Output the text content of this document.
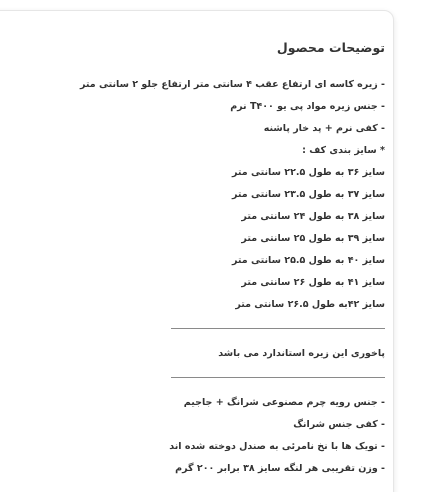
توضیحات محصول
- زیره کاسه ای ارتفاع عقب ۴ سانتی متر ارتفاع جلو ۲ سانتی متر
- جنس زیره مواد پی یو T۴۰۰ نرم
- کفی نرم + پد خار پاشنه
* سایز بندی کف :
سایز ۳۶ به طول ۲۲.۵ سانتی متر
سایز ۳۷ به طول ۲۳.۵ سانتی متر
سایز ۳۸ به طول ۲۴ سانتی متر
سایز ۳۹ به طول ۲۵ سانتی متر
سایز ۴۰ به طول ۲۵.۵ سانتی متر
سایز ۴۱ به طول ۲۶ سانتی متر
سایز ۴۲به طول ۲۶.۵ سانتی متر
پاخوری این زیره استاندارد می باشد
- جنس رویه چرم مصنوعی شرانگ + جاجیم
- کفی جنس شرانگ
- تویک ها با نخ نامرئی به صندل دوخته شده اند
- وزن تقریبی هر لنگه سایز ۳۸ برابر ۲۰۰ گرم
